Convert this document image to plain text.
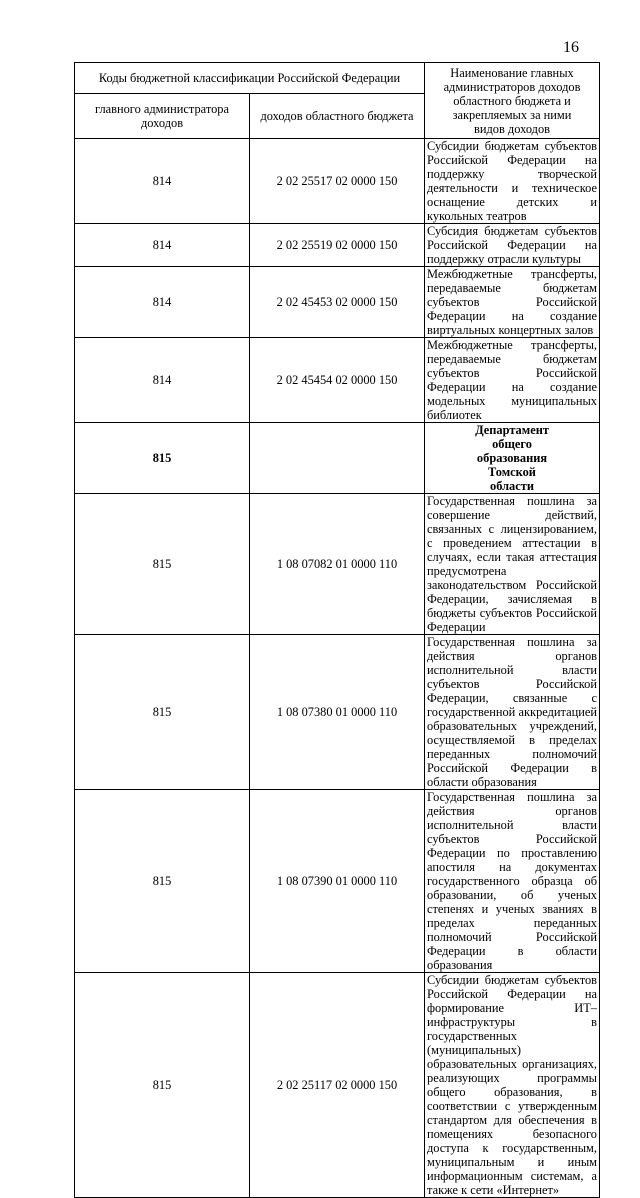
16
Коды бюджетной классификации Российской Федерации		Наименование главных администраторов доходов областного бюджета и закрепляемых за ними видов доходов
главного администратора доходов	доходов областного бюджета	
814	2 02 25517 02 0000 150	Субсидии бюджетам субъектов Российской Федерации на поддержку творческой деятельности и техническое оснащение детских и кукольных театров
814	2 02 25519 02 0000 150	Субсидия бюджетам субъектов Российской Федерации на поддержку отрасли культуры
814	2 02 45453 02 0000 150	Межбюджетные трансферты, передаваемые бюджетам субъектов Российской Федерации на создание виртуальных концертных залов
814	2 02 45454 02 0000 150	Межбюджетные трансферты, передаваемые бюджетам субъектов Российской Федерации на создание модельных муниципальных библиотек
815		Департамент общего образования Томской области
815	1 08 07082 01 0000 110	Государственная пошлина за совершение действий, связанных с лицензированием, с проведением аттестации в случаях, если такая аттестация предусмотрена законодательством Российской Федерации, зачисляемая в бюджеты субъектов Российской Федерации
815	1 08 07380 01 0000 110	Государственная пошлина за действия органов исполнительной власти субъектов Российской Федерации, связанные с государственной аккредитацией образовательных учреждений, осуществляемой в пределах переданных полномочий Российской Федерации в области образования
815	1 08 07390 01 0000 110	Государственная пошлина за действия органов исполнительной власти субъектов Российской Федерации по проставлению апостиля на документах государственного образца об образовании, об ученых степенях и ученых званиях в пределах переданных полномочий Российской Федерации в области образования
815	2 02 25117 02 0000 150	Субсидии бюджетам субъектов Российской Федерации на формирование ИТ–инфраструктуры в государственных (муниципальных) образовательных организациях, реализующих программы общего образования, в соответствии с утвержденным стандартом для обеспечения в помещениях безопасного доступа к государственным, муниципальным и иным информационным системам, а также к сети «Интернет»
